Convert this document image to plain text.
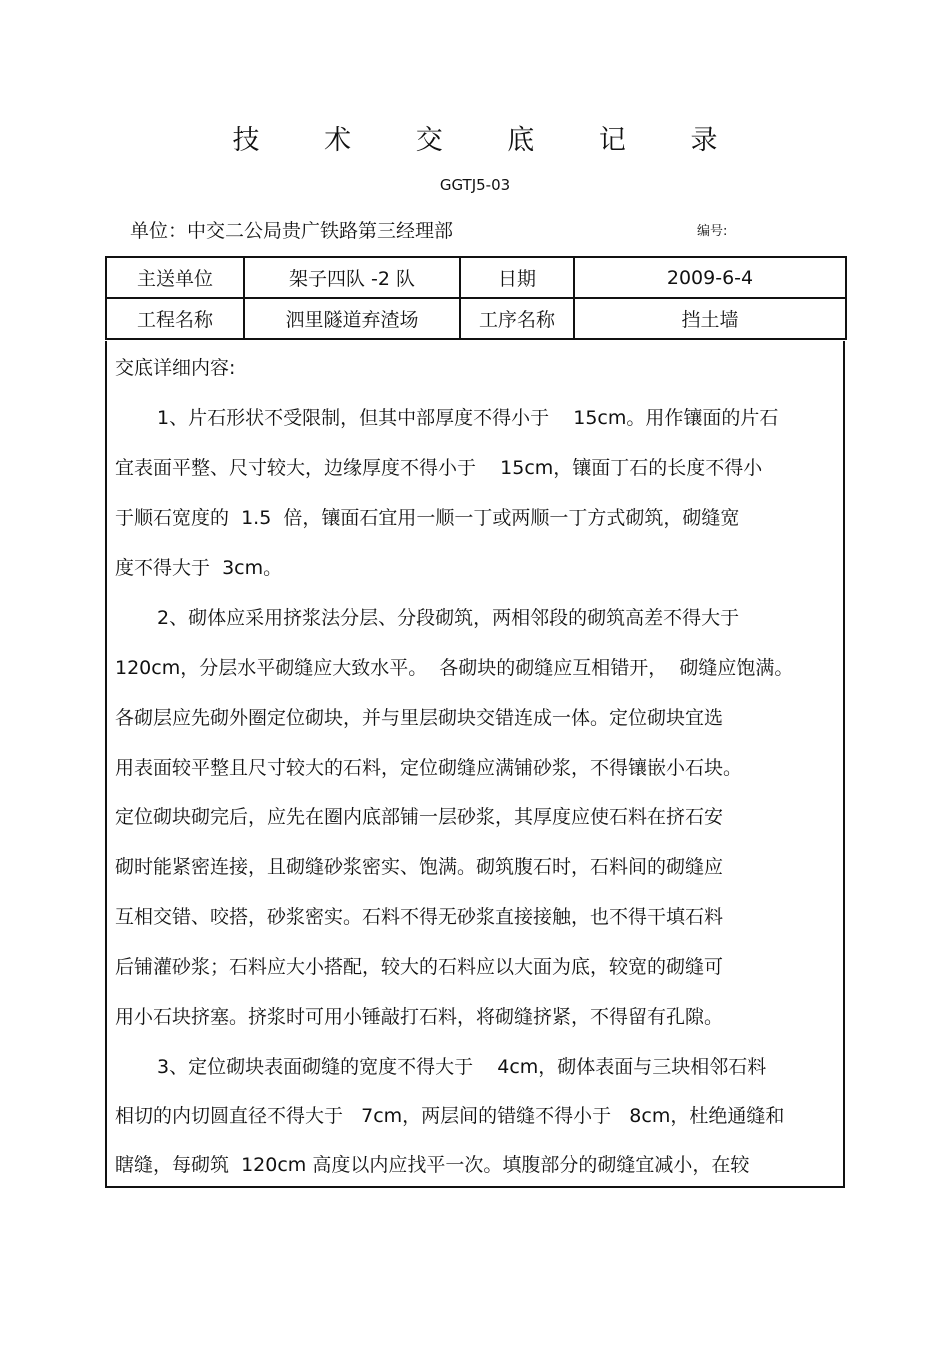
技 术 交 底 记 录
GGTJ5-03
单位：中交二公局贵广铁路第三经理部	编号:
主送单位	架子四队 -2 队	日期	2009-6-4
工程名称	泗里隧道弃渣场	工序名称	挡土墙
交底详细内容:
1、片石形状不受限制，但其中部厚度不得小于    15cm。用作镶面的片石
宜表面平整、尺寸较大，边缘厚度不得小于    15cm，镶面丁石的长度不得小
于顺石宽度的  1.5  倍，镶面石宜用一顺一丁或两顺一丁方式砌筑，砌缝宽
度不得大于  3cm。
2、砌体应采用挤浆法分层、分段砌筑，两相邻段的砌筑高差不得大于
120cm，分层水平砌缝应大致水平。  各砌块的砌缝应互相错开，  砌缝应饱满。
各砌层应先砌外圈定位砌块，并与里层砌块交错连成一体。定位砌块宜选
用表面较平整且尺寸较大的石料，定位砌缝应满铺砂浆，不得镶嵌小石块。
定位砌块砌完后，应先在圈内底部铺一层砂浆，其厚度应使石料在挤石安
砌时能紧密连接，且砌缝砂浆密实、饱满。砌筑腹石时，石料间的砌缝应
互相交错、咬搭，砂浆密实。石料不得无砂浆直接接触，也不得干填石料
后铺灌砂浆；石料应大小搭配，较大的石料应以大面为底，较宽的砌缝可
用小石块挤塞。挤浆时可用小锤敲打石料，将砌缝挤紧，不得留有孔隙。
3、定位砌块表面砌缝的宽度不得大于    4cm，砌体表面与三块相邻石料
相切的内切圆直径不得大于   7cm，两层间的错缝不得小于   8cm，杜绝通缝和
瞎缝，每砌筑  120cm 高度以内应找平一次。填腹部分的砌缝宜减小，在较
